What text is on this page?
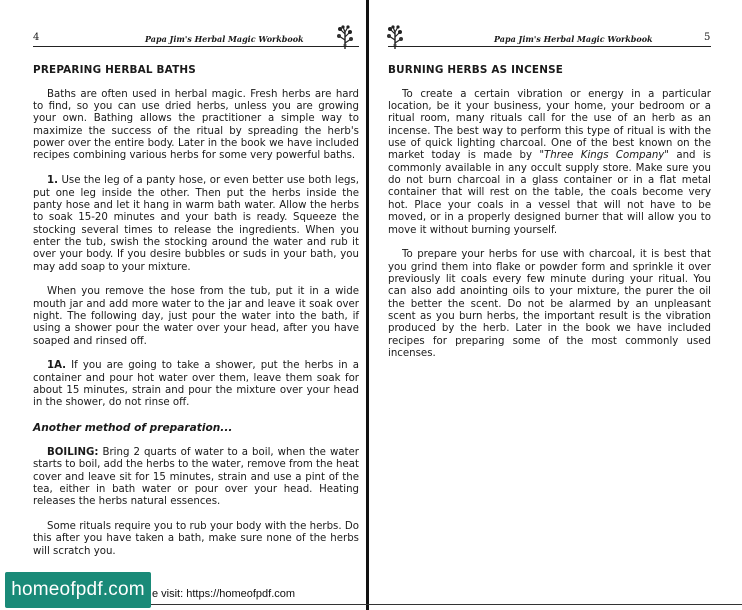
4	Papa Jim's Herbal Magic Workbook

PREPARING HERBAL BATHS

Baths are often used in herbal magic. Fresh herbs are hard to find, so you can use dried herbs, unless you are growing your own. Bathing allows the practitioner a simple way to maximize the success of the ritual by spreading the herb's power over the entire body. Later in the book we have included recipes combining various herbs for some very powerful baths.

1. Use the leg of a panty hose, or even better use both legs, put one leg inside the other. Then put the herbs inside the panty hose and let it hang in warm bath water. Allow the herbs to soak 15-20 minutes and your bath is ready. Squeeze the stocking several times to release the ingredients. When you enter the tub, swish the stocking around the water and rub it over your body. If you desire bubbles or suds in your bath, you may add soap to your mixture.

When you remove the hose from the tub, put it in a wide mouth jar and add more water to the jar and leave it soak over night. The following day, just pour the water into the bath, if using a shower pour the water over your head, after you have soaped and rinsed off.

1A. If you are going to take a shower, put the herbs in a container and pour hot water over them, leave them soak for about 15 minutes, strain and pour the mixture over your head in the shower, do not rinse off.

Another method of preparation...

BOILING: Bring 2 quarts of water to a boil, when the water starts to boil, add the herbs to the water, remove from the heat cover and leave sit for 15 minutes, strain and use a pint of the tea, either in bath water or pour over your head. Heating releases the herbs natural essences.

Some rituals require you to rub your body with the herbs. Do this after you have taken a bath, make sure none of the herbs will scratch you.

Papa Jim's Herbal Magic Workbook	5

BURNING HERBS AS INCENSE

To create a certain vibration or energy in a particular location, be it your business, your home, your bedroom or a ritual room, many rituals call for the use of an herb as an incense. The best way to perform this type of ritual is with the use of quick lighting charcoal. One of the best known on the market today is made by "Three Kings Company" and is commonly available in any occult supply store. Make sure you do not burn charcoal in a glass container or in a flat metal container that will rest on the table, the coals become very hot. Place your coals in a vessel that will not have to be moved, or in a properly designed burner that will allow you to move it without burning yourself.

To prepare your herbs for use with charcoal, it is best that you grind them into flake or powder form and sprinkle it over previously lit coals every few minute during your ritual. You can also add anointing oils to your mixture, the purer the oil the better the scent. Do not be alarmed by an unpleasant scent as you burn herbs, the important result is the vibration produced by the herb. Later in the book we have included recipes for preparing some of the most commonly used incenses.

homeofpdf.com e visit: https://homeofpdf.com
